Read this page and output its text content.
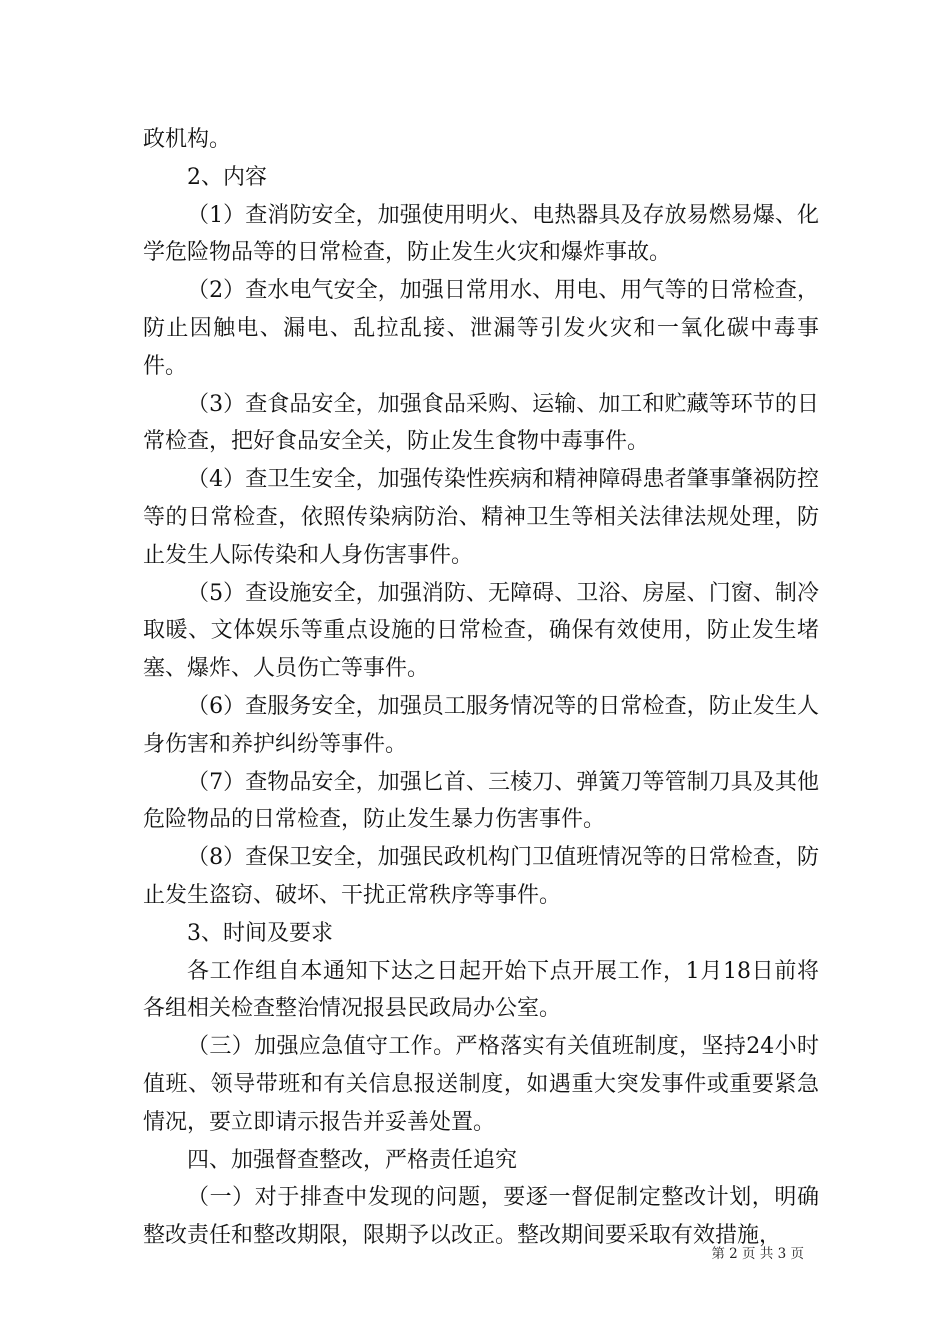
政机构。

2、内容

（1）查消防安全，加强使用明火、电热器具及存放易燃易爆、化学危险物品等的日常检查，防止发生火灾和爆炸事故。

（2）查水电气安全，加强日常用水、用电、用气等的日常检查，防止因触电、漏电、乱拉乱接、泄漏等引发火灾和一氧化碳中毒事件。

（3）查食品安全，加强食品采购、运输、加工和贮藏等环节的日常检查，把好食品安全关，防止发生食物中毒事件。

（4）查卫生安全，加强传染性疾病和精神障碍患者肇事肇祸防控等的日常检查，依照传染病防治、精神卫生等相关法律法规处理，防止发生人际传染和人身伤害事件。

（5）查设施安全，加强消防、无障碍、卫浴、房屋、门窗、制冷取暖、文体娱乐等重点设施的日常检查，确保有效使用，防止发生堵塞、爆炸、人员伤亡等事件。

（6）查服务安全，加强员工服务情况等的日常检查，防止发生人身伤害和养护纠纷等事件。

（7）查物品安全，加强匕首、三棱刀、弹簧刀等管制刀具及其他危险物品的日常检查，防止发生暴力伤害事件。

（8）查保卫安全，加强民政机构门卫值班情况等的日常检查，防止发生盗窃、破坏、干扰正常秩序等事件。

3、时间及要求

各工作组自本通知下达之日起开始下点开展工作，1月18日前将各组相关检查整治情况报县民政局办公室。

（三）加强应急值守工作。严格落实有关值班制度，坚持24小时值班、领导带班和有关信息报送制度，如遇重大突发事件或重要紧急情况，要立即请示报告并妥善处置。

四、加强督查整改，严格责任追究

（一）对于排查中发现的问题，要逐一督促制定整改计划，明确整改责任和整改期限，限期予以改正。整改期间要采取有效措施，

第 2 页 共 3 页
